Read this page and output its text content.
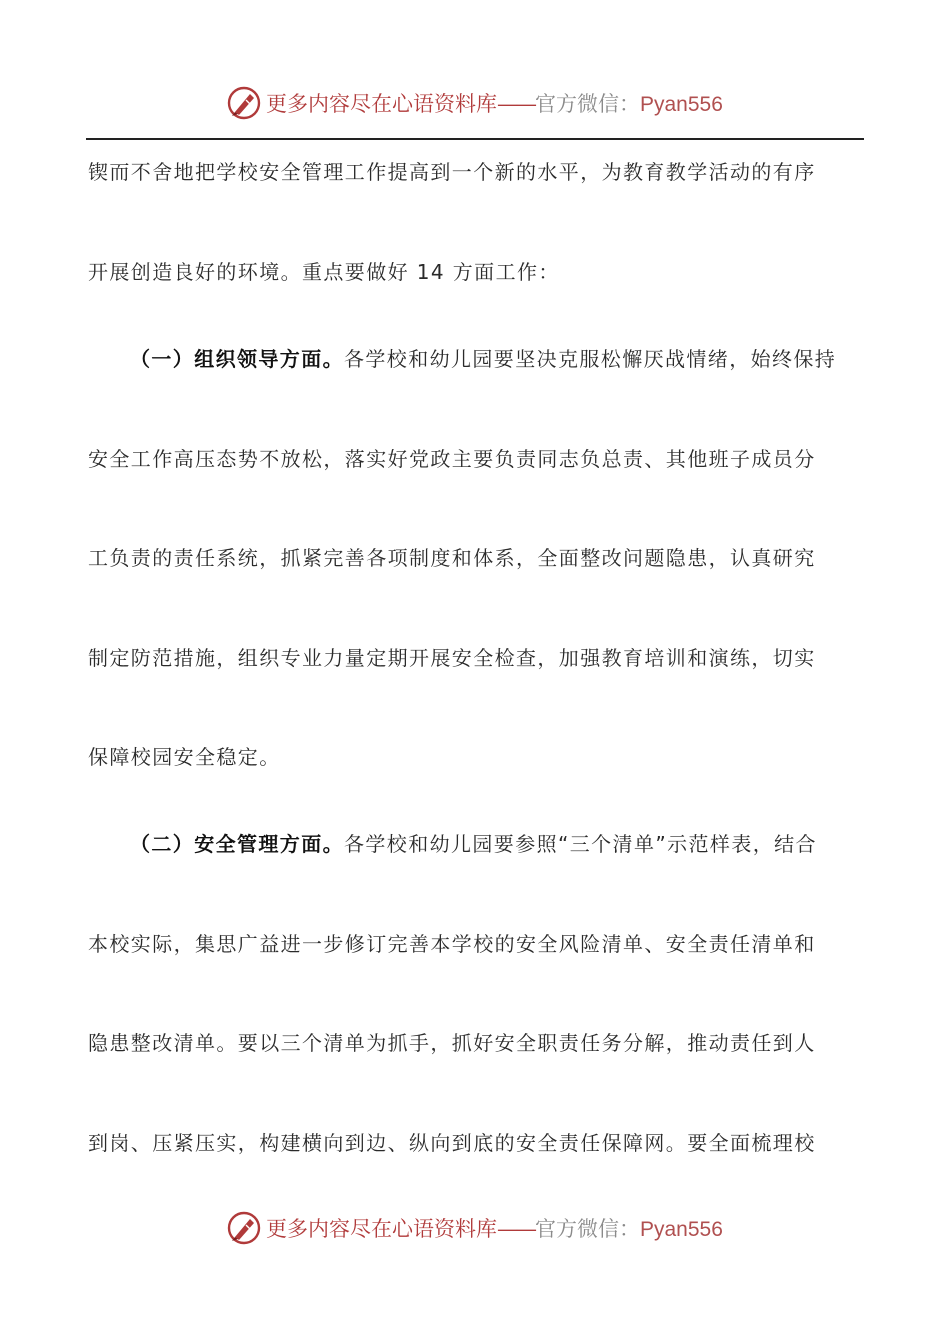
更多内容尽在心语资料库——官方微信：Pyan556
锲而不舍地把学校安全管理工作提高到一个新的水平，为教育教学活动的有序
开展创造良好的环境。重点要做好 14 方面工作：
（一）组织领导方面。各学校和幼儿园要坚决克服松懈厌战情绪，始终保持
安全工作高压态势不放松，落实好党政主要负责同志负总责、其他班子成员分
工负责的责任系统，抓紧完善各项制度和体系，全面整改问题隐患，认真研究
制定防范措施，组织专业力量定期开展安全检查，加强教育培训和演练，切实
保障校园安全稳定。
（二）安全管理方面。各学校和幼儿园要参照“三个清单”示范样表，结合
本校实际，集思广益进一步修订完善本学校的安全风险清单、安全责任清单和
隐患整改清单。要以三个清单为抓手，抓好安全职责任务分解，推动责任到人
到岗、压紧压实，构建横向到边、纵向到底的安全责任保障网。要全面梳理校
更多内容尽在心语资料库——官方微信：Pyan556
